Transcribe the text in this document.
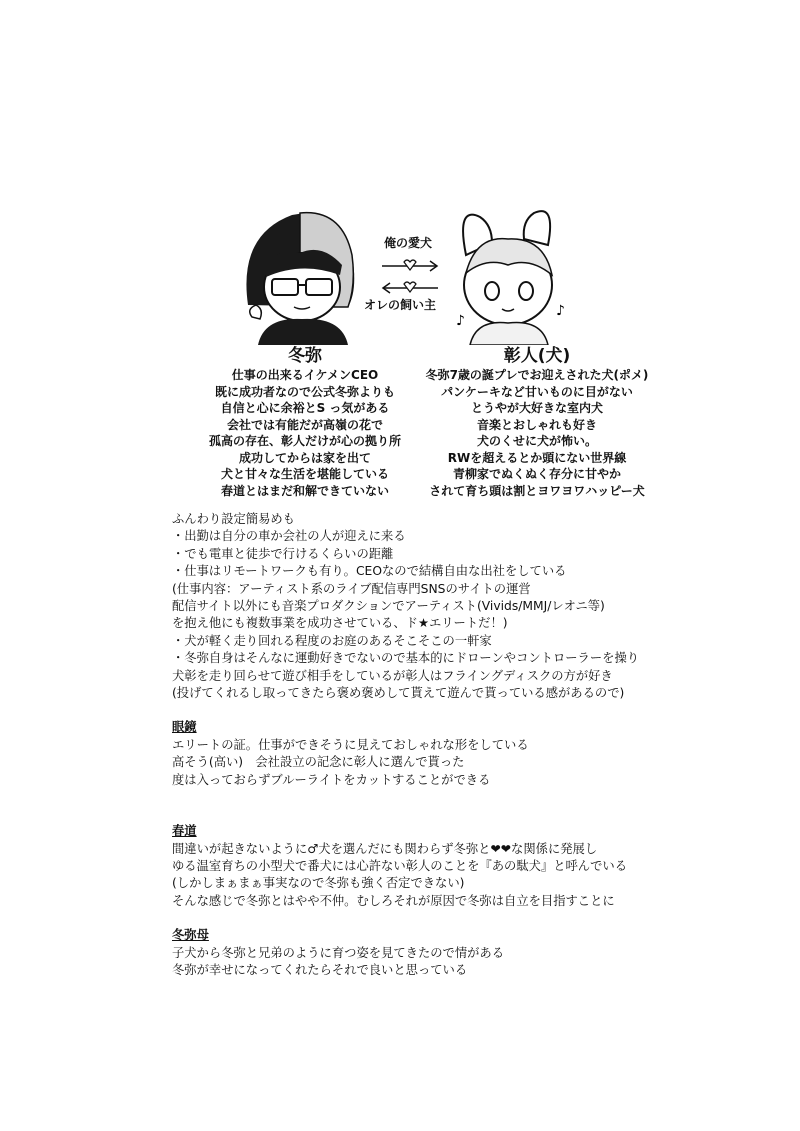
♪
♪
俺の愛犬
オレの飼い主
冬弥
仕事の出来るイケメンCEO
既に成功者なので公式冬弥よりも
自信と心に余裕とS っ気がある
会社では有能だが高嶺の花で
孤高の存在、彰人だけが心の拠り所
成功してからは家を出て
犬と甘々な生活を堪能している
春道とはまだ和解できていない
彰人(犬)
冬弥7歳の誕プレでお迎えされた犬(ポメ)
パンケーキなど甘いものに目がない
とうやが大好きな室内犬
音楽とおしゃれも好き
犬のくせに犬が怖い。
RWを超えるとか頭にない世界線
青柳家でぬくぬく存分に甘やか
されて育ち頭は割とヨワヨワハッピー犬
ふんわり設定簡易めも
・出勤は自分の車か会社の人が迎えに来る
・でも電車と徒歩で行けるくらいの距離
・仕事はリモートワークも有り。CEOなので結構自由な出社をしている
(仕事内容：アーティスト系のライブ配信専門SNSのサイトの運営
配信サイト以外にも音楽プロダクションでアーティスト(Vivids/MMJ/レオニ等)
を抱え他にも複数事業を成功させている、ド★エリートだ！)
・犬が軽く走り回れる程度のお庭のあるそこそこの一軒家
・冬弥自身はそんなに運動好きでないので基本的にドローンやコントローラーを操り
犬彰を走り回らせて遊び相手をしているが彰人はフライングディスクの方が好き
(投げてくれるし取ってきたら褒め褒めして貰えて遊んで貰っている感があるので)
眼鏡
エリートの証。仕事ができそうに見えておしゃれな形をしている
高そう(高い)　会社設立の記念に彰人に選んで貰った
度は入っておらずブルーライトをカットすることができる
春道
間違いが起きないように♂犬を選んだにも関わらず冬弥と❤❤な関係に発展し
ゆる温室育ちの小型犬で番犬には心許ない彰人のことを『あの駄犬』と呼んでいる
(しかしまぁまぁ事実なので冬弥も強く否定できない)
そんな感じで冬弥とはやや不仲。むしろそれが原因で冬弥は自立を目指すことに
冬弥母
子犬から冬弥と兄弟のように育つ姿を見てきたので情がある
冬弥が幸せになってくれたらそれで良いと思っている
